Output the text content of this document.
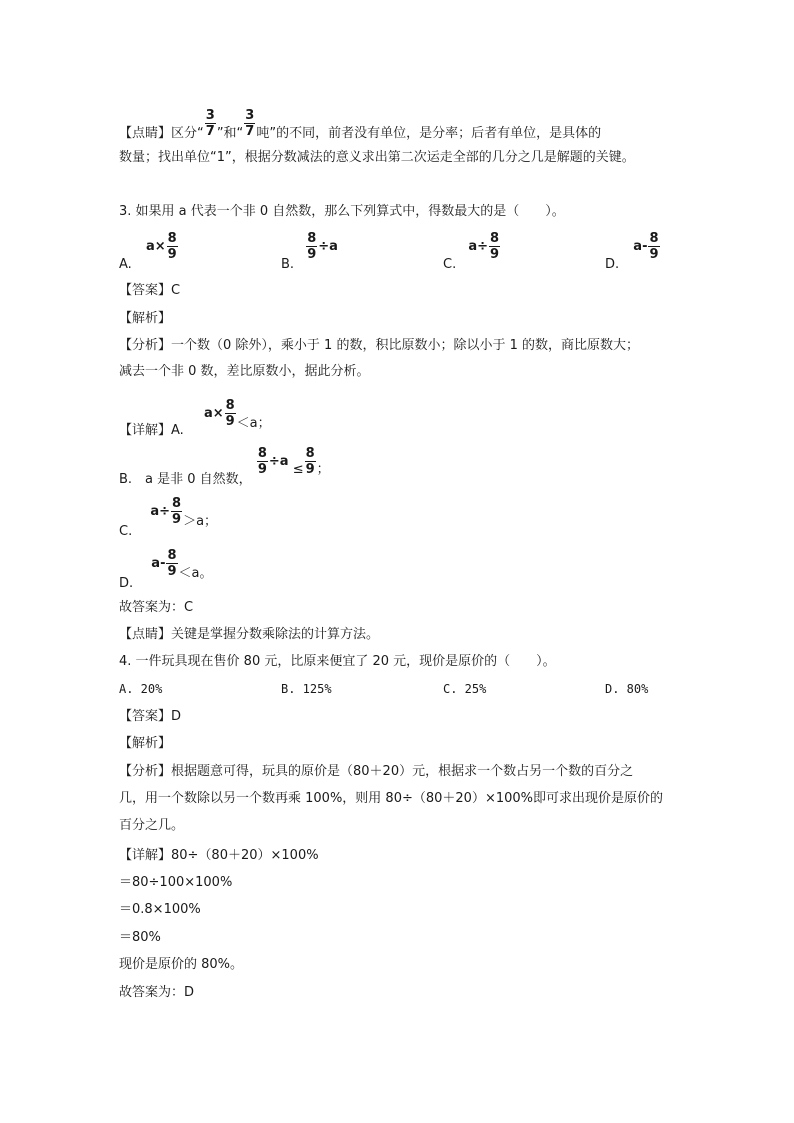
【点睛】区分“ $\frac{3}{7}$ ”和“ $\frac{3}{7}$ 吨”的不同，前者没有单位，是分率；后者有单位，是具体的
数量；找出单位“1”，根据分数减法的意义求出第二次运走全部的几分之几是解题的关键。
3. 如果用 a 代表一个非 0 自然数，那么下列算式中，得数最大的是（　　）。
A. $a\times \frac{8}{9}$
B.
$\frac{8}{9} \div a$
C. $a\div \frac{8}{9}$
D. $a- \frac{8}{9}$
【答案】C
【解析】
【分析】一个数（0 除外），乘小于 1 的数，积比原数小；除以小于 1 的数，商比原数大；
减去一个非 0 数，差比原数小，据此分析。
【详解】A. $a\times \frac{8}{9} <a$；
B.　a 是非 0 自然数，
$\frac{8}{9} \div a \le \frac{8}{9}$ ；
C. $a\div \frac{8}{9} >a$；
D. $a- \frac{8}{9} <a$。
故答案为：C
【点睛】关键是掌握分数乘除法的计算方法。
4. 一件玩具现在售价 80 元，比原来便宜了 20 元，现价是原价的（　　）。
A. 20%	B. 125%	C. 25%	D. 80%
【答案】D
【解析】
【分析】根据题意可得，玩具的原价是（80＋20）元，根据求一个数占另一个数的百分之
几，用一个数除以另一个数再乘 100%，则用 80÷（80＋20）×100%即可求出现价是原价的
百分之几。
【详解】80÷（80＋20）×100%
＝80÷100×100%
＝0.8×100%
＝80%
现价是原价的 80%。
故答案为：D
